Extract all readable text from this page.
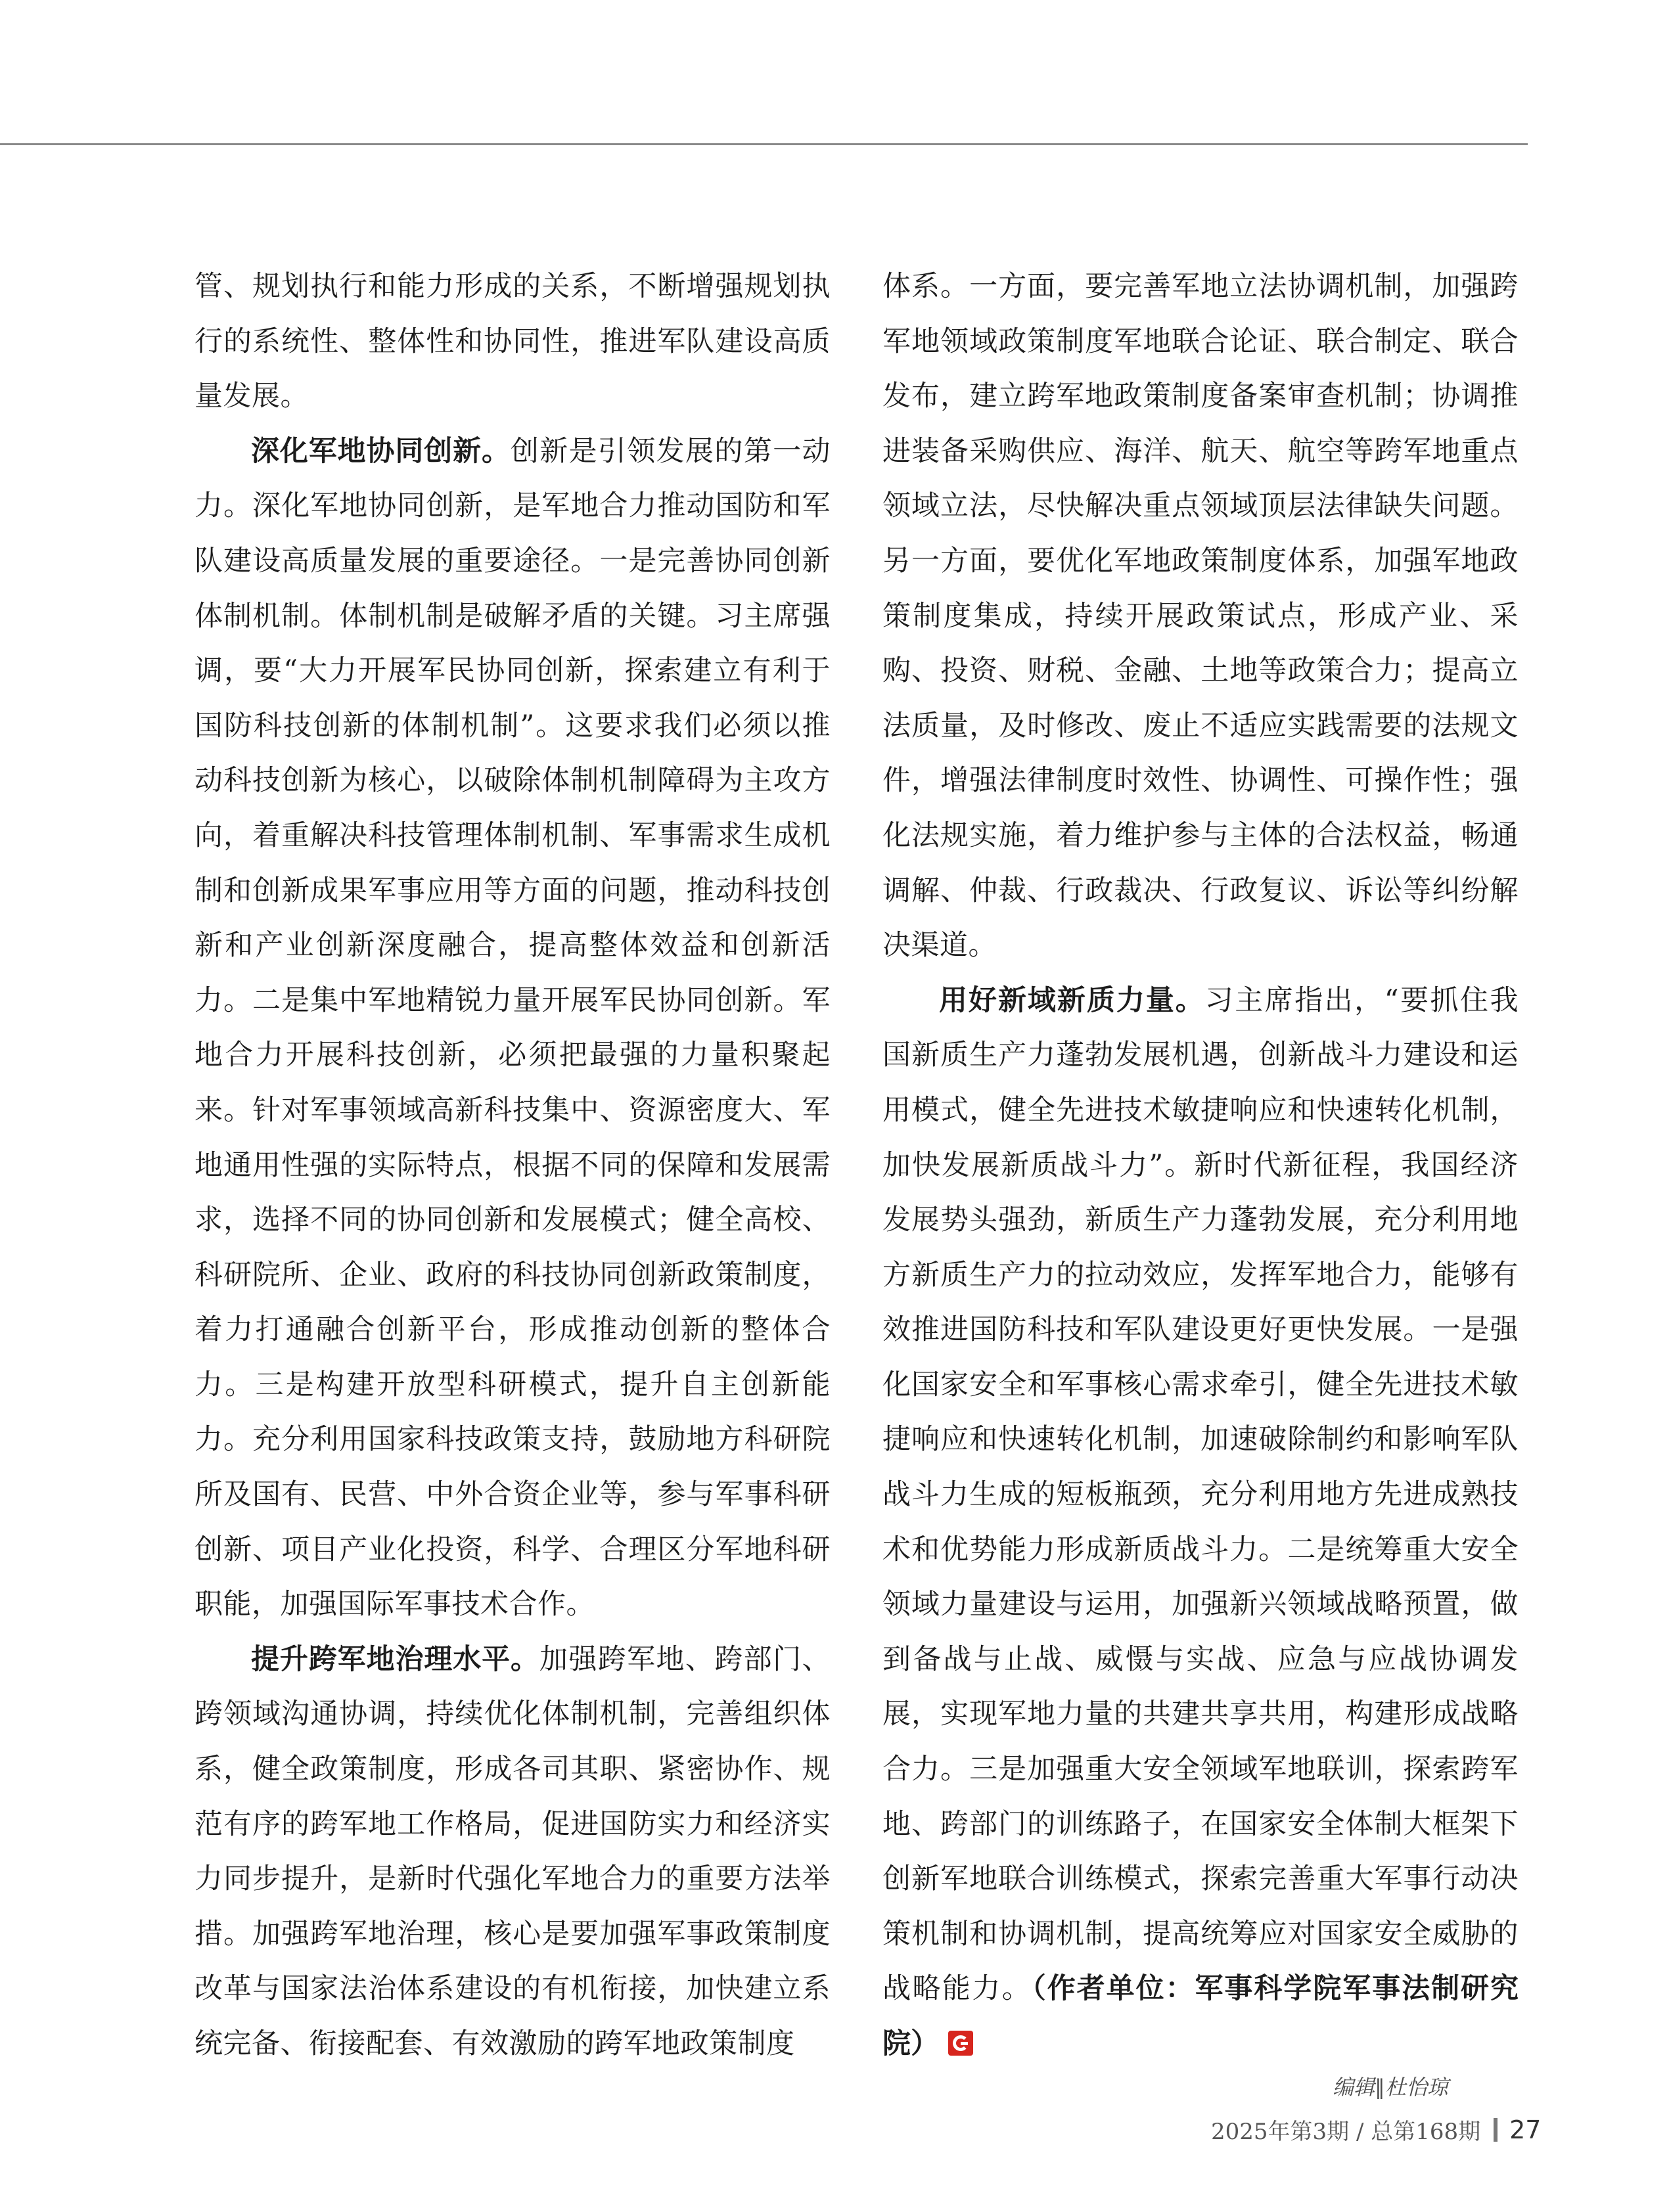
管、规划执行和能力形成的关系，不断增强规划执行的系统性、整体性和协同性，推进军队建设高质量发展。

深化军地协同创新。创新是引领发展的第一动力。深化军地协同创新，是军地合力推动国防和军队建设高质量发展的重要途径。一是完善协同创新体制机制。体制机制是破解矛盾的关键。习主席强调，要“大力开展军民协同创新，探索建立有利于国防科技创新的体制机制”。这要求我们必须以推动科技创新为核心，以破除体制机制障碍为主攻方向，着重解决科技管理体制机制、军事需求生成机制和创新成果军事应用等方面的问题，推动科技创新和产业创新深度融合，提高整体效益和创新活力。二是集中军地精锐力量开展军民协同创新。军地合力开展科技创新，必须把最强的力量积聚起来。针对军事领域高新科技集中、资源密度大、军地通用性强的实际特点，根据不同的保障和发展需求，选择不同的协同创新和发展模式；健全高校、科研院所、企业、政府的科技协同创新政策制度，着力打通融合创新平台，形成推动创新的整体合力。三是构建开放型科研模式，提升自主创新能力。充分利用国家科技政策支持，鼓励地方科研院所及国有、民营、中外合资企业等，参与军事科研创新、项目产业化投资，科学、合理区分军地科研职能，加强国际军事技术合作。

提升跨军地治理水平。加强跨军地、跨部门、跨领域沟通协调，持续优化体制机制，完善组织体系，健全政策制度，形成各司其职、紧密协作、规范有序的跨军地工作格局，促进国防实力和经济实力同步提升，是新时代强化军地合力的重要方法举措。加强跨军地治理，核心是要加强军事政策制度改革与国家法治体系建设的有机衔接，加快建立系统完备、衔接配套、有效激励的跨军地政策制度

体系。一方面，要完善军地立法协调机制，加强跨军地领域政策制度军地联合论证、联合制定、联合发布，建立跨军地政策制度备案审查机制；协调推进装备采购供应、海洋、航天、航空等跨军地重点领域立法，尽快解决重点领域顶层法律缺失问题。另一方面，要优化军地政策制度体系，加强军地政策制度集成，持续开展政策试点，形成产业、采购、投资、财税、金融、土地等政策合力；提高立法质量，及时修改、废止不适应实践需要的法规文件，增强法律制度时效性、协调性、可操作性；强化法规实施，着力维护参与主体的合法权益，畅通调解、仲裁、行政裁决、行政复议、诉讼等纠纷解决渠道。

用好新域新质力量。习主席指出，“要抓住我国新质生产力蓬勃发展机遇，创新战斗力建设和运用模式，健全先进技术敏捷响应和快速转化机制，加快发展新质战斗力”。新时代新征程，我国经济发展势头强劲，新质生产力蓬勃发展，充分利用地方新质生产力的拉动效应，发挥军地合力，能够有效推进国防科技和军队建设更好更快发展。一是强化国家安全和军事核心需求牵引，健全先进技术敏捷响应和快速转化机制，加速破除制约和影响军队战斗力生成的短板瓶颈，充分利用地方先进成熟技术和优势能力形成新质战斗力。二是统筹重大安全领域力量建设与运用，加强新兴领域战略预置，做到备战与止战、威慑与实战、应急与应战协调发展，实现军地力量的共建共享共用，构建形成战略合力。三是加强重大安全领域军地联训，探索跨军地、跨部门的训练路子，在国家安全体制大框架下创新军地联合训练模式，探索完善重大军事行动决策机制和协调机制，提高统筹应对国家安全威胁的战略能力。（作者单位：军事科学院军事法制研究院）

编辑∥杜怡琼
2025年第3期 / 总第168期 27
